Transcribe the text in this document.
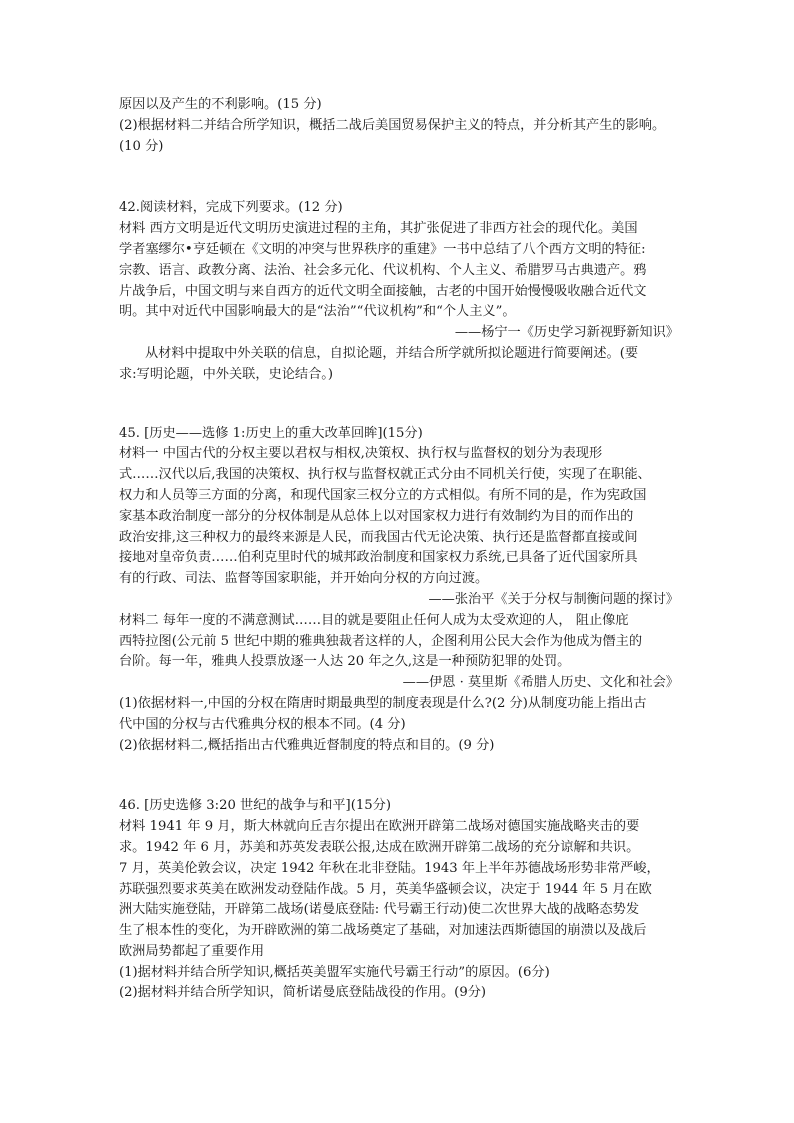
原因以及产生的不利影响。(15 分)
(2)根据材料二并结合所学知识，概括二战后美国贸易保护主义的特点，并分析其产生的影响。
(10 分)
42.阅读材料，完成下列要求。(12 分)
材料 西方文明是近代文明历史演进过程的主角，其扩张促进了非西方社会的现代化。美国
学者塞缪尔•亨廷顿在《文明的冲突与世界秩序的重建》一书中总结了八个西方文明的特征:
宗教、语言、政教分离、法治、社会多元化、代议机构、个人主义、希腊罗马古典遗产。鸦
片战争后，中国文明与来自西方的近代文明全面接触，古老的中国开始慢慢吸收融合近代文
明。其中对近代中国影响最大的是“法治”“代议机构”和“个人主义”。
——杨宁一《历史学习新视野新知识》
从材料中提取中外关联的信息，自拟论题，并结合所学就所拟论题进行简要阐述。(要
求:写明论题，中外关联，史论结合。)
45. [历史——选修 1:历史上的重大改革回眸](15分)
材料一 中国古代的分权主要以君权与相权,决策权、执行权与监督权的划分为表现形
式……汉代以后,我国的决策权、执行权与监督权就正式分由不同机关行使，实现了在职能、
权力和人员等三方面的分离，和现代国家三权分立的方式相似。有所不同的是，作为宪政国
家基本政治制度一部分的分权体制是从总体上以对国家权力进行有效制约为目的而作出的
政治安排,这三种权力的最终来源是人民，而我国古代无论决策、执行还是监督都直接或间
接地对皇帝负责……伯利克里时代的城邦政治制度和国家权力系统,已具备了近代国家所具
有的行政、司法、监督等国家职能，并开始向分权的方向过渡。
——张治平《关于分权与制衡问题的探讨》
材料二 每年一度的不满意测试……目的就是要阻止任何人成为太受欢迎的人， 阻止像庇
西特拉图(公元前 5 世纪中期的雅典独裁者这样的人，企图利用公民大会作为他成为僭主的
台阶。每一年，雅典人投票放逐一人达 20 年之久,这是一种预防犯罪的处罚。
——伊恩 · 莫里斯《希腊人历史、文化和社会》
(1)依据材料一,中国的分权在隋唐时期最典型的制度表现是什么?(2 分)从制度功能上指出古
代中国的分权与古代雅典分权的根本不同。(4 分)
(2)依据材料二,概括指出古代雅典近督制度的特点和目的。(9 分)
46. [历史选修 3:20 世纪的战争与和平](15分)
材料 1941 年 9 月，斯大林就向丘吉尔提出在欧洲开辟第二战场对德国实施战略夹击的要
求。1942 年 6 月，苏美和苏英发表联公报,达成在欧洲开辟第二战场的充分谅解和共识。
7 月，英美伦敦会议，决定 1942 年秋在北非登陆。1943 年上半年苏德战场形势非常严峻，
苏联强烈要求英美在欧洲发动登陆作战。5 月，英美华盛顿会议，决定于 1944 年 5 月在欧
洲大陆实施登陆，开辟第二战场(诺曼底登陆: 代号霸王行动)使二次世界大战的战略态势发
生了根本性的变化，为开辟欧洲的第二战场奠定了基础，对加速法西斯德国的崩溃以及战后
欧洲局势都起了重要作用
(1)据材料并结合所学知识,概括英美盟军实施代号霸王行动”的原因。(6分)
(2)据材料并结合所学知识，简析诺曼底登陆战役的作用。(9分)
